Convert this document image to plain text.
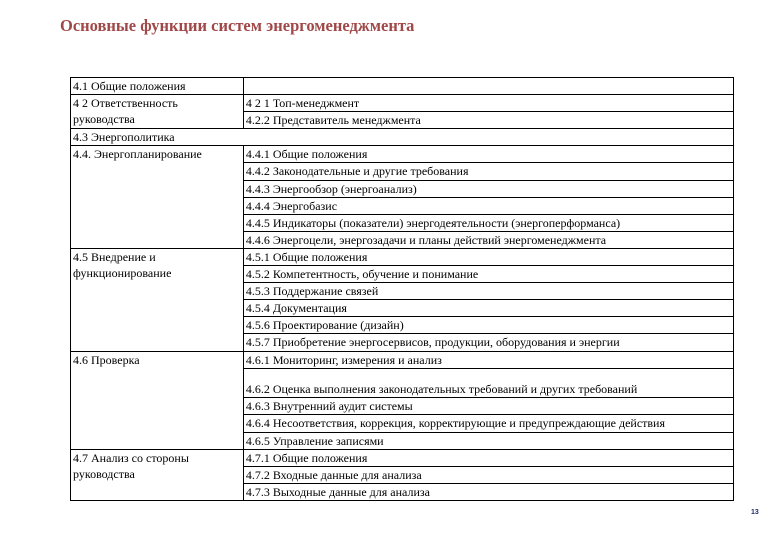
Основные функции систем энергоменеджмента
4.1 Общие положения	
4 2 Ответственность руководства	4 2 1 Топ-менеджмент
	4.2.2 Представитель менеджмента
4.3 Энергополитика	
4.4. Энергопланирование	4.4.1 Общие положения
	4.4.2 Законодательные и другие требования
	4.4.3 Энергообзор (энергоанализ)
	4.4.4 Энергобазис
	4.4.5 Индикаторы (показатели) энергодеятельности (энергоперформанса)
	4.4.6 Энергоцели, энергозадачи и планы действий энергоменеджмента
4.5 Внедрение и функционирование	4.5.1 Общие положения
	4.5.2 Компетентность, обучение и понимание
	4.5.3 Поддержание связей
	4.5.4 Документация
	4.5.6 Проектирование (дизайн)
	4.5.7 Приобретение энергосервисов, продукции, оборудования и энергии
4.6 Проверка	4.6.1 Мониторинг, измерения и анализ
	4.6.2 Оценка выполнения законодательных требований и других требований
	4.6.3 Внутренний аудит системы
	4.6.4 Несоответствия, коррекция, корректирующие и предупреждающие действия
	4.6.5 Управление записями
4.7 Анализ со стороны руководства	4.7.1 Общие положения
	4.7.2 Входные данные для анализа
	4.7.3 Выходные данные для анализа
13
